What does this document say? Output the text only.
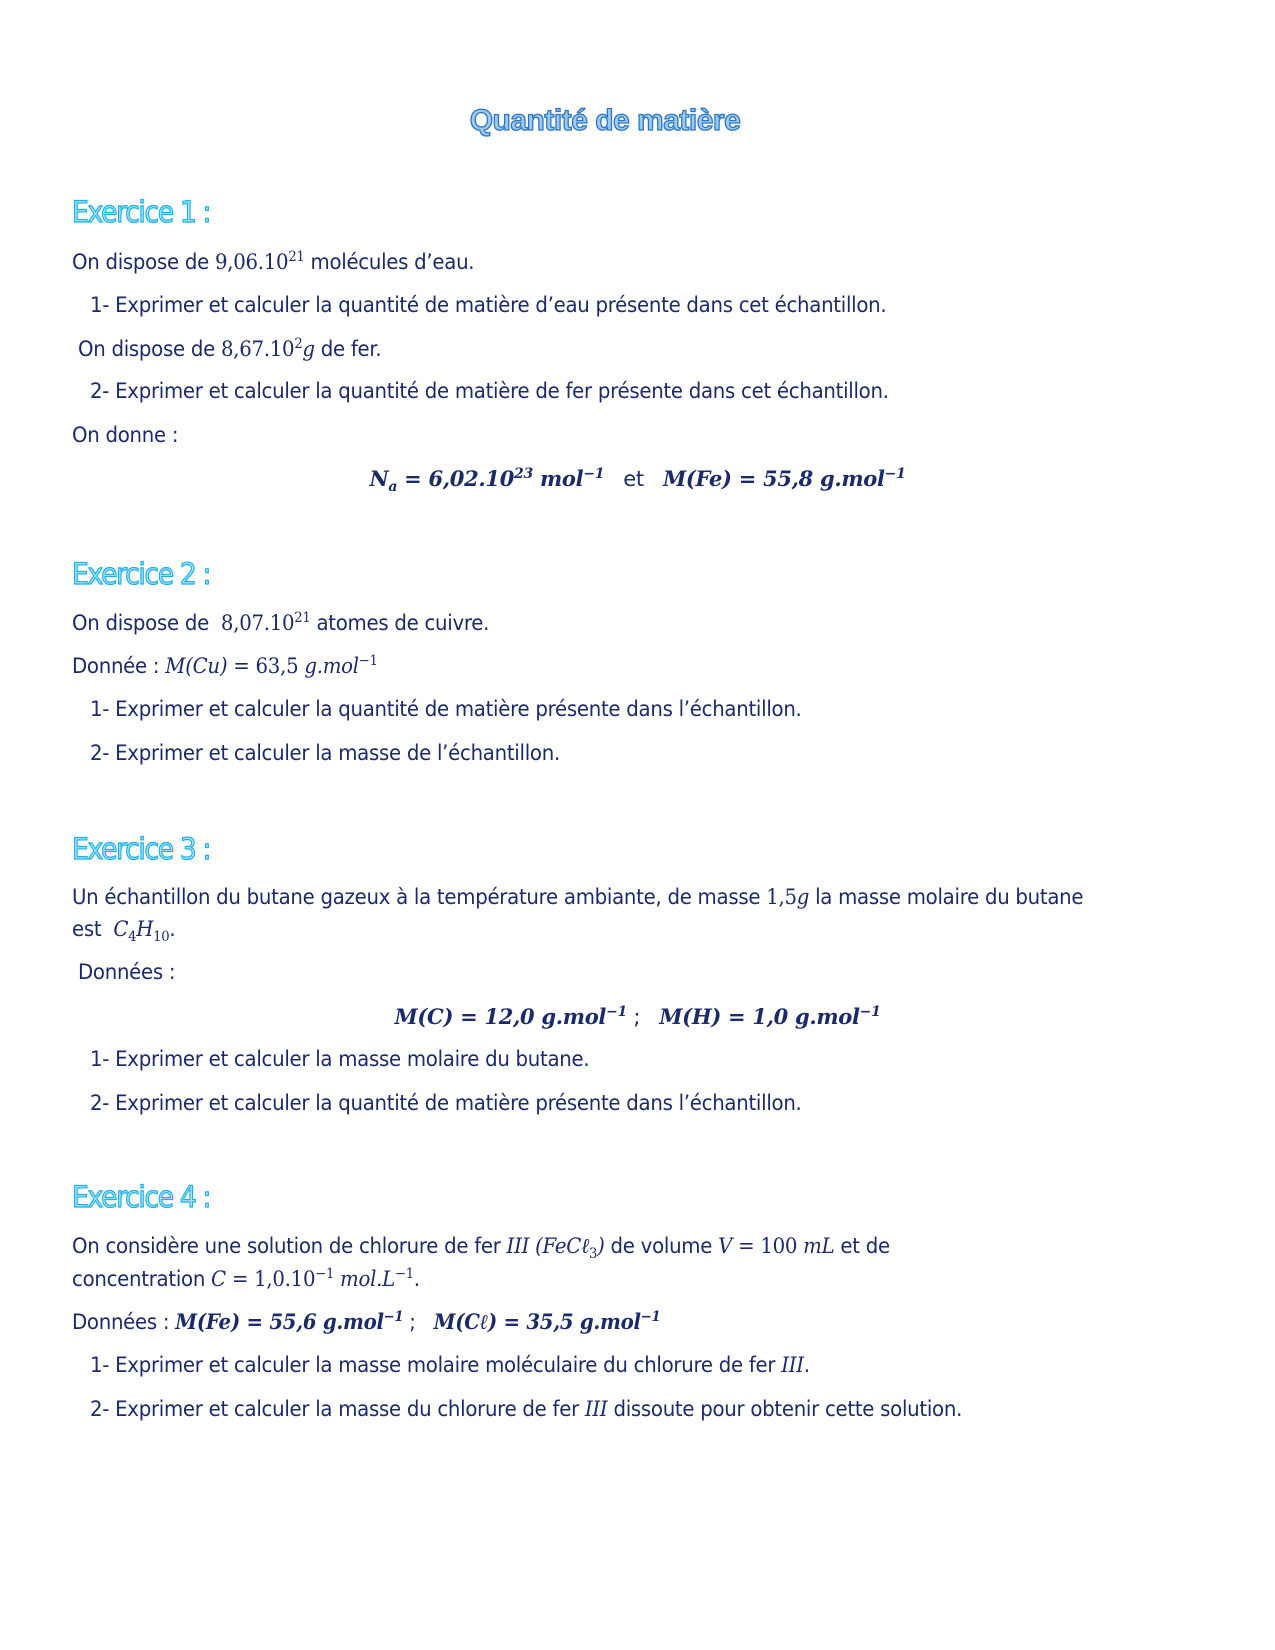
Quantité de matière
Exercice 1 :
On dispose de 9,06.10$^{21}$ molécules d’eau.
1- Exprimer et calculer la quantité de matière d’eau présente dans cet échantillon.
On dispose de 8,67.10$^2$g de fer.
2- Exprimer et calculer la quantité de matière de fer présente dans cet échantillon.
On donne :
$N_a = 6,02.10^{23}$ mol$^{-1}$   et   M(Fe) = 55,8 g.mol$^{-1}$
Exercice 2 :
On dispose de  8,07.10$^{21}$ atomes de cuivre.
Donnée : M(Cu) = 63,5 g.mol$^{-1}$
1- Exprimer et calculer la quantité de matière présente dans l’échantillon.
2- Exprimer et calculer la masse de l’échantillon.
Exercice 3 :
Un échantillon du butane gazeux à la température ambiante, de masse 1,5g la masse molaire du butane
est  $C_4H_{10}$.
Données :
M(C) = 12,0 g.mol$^{-1}$ ;   M(H) = 1,0 g.mol$^{-1}$
1- Exprimer et calculer la masse molaire du butane.
2- Exprimer et calculer la quantité de matière présente dans l’échantillon.
Exercice 4 :
On considère une solution de chlorure de fer III (FeCℓ$_3$) de volume V = 100 mL et de
concentration $C = 1,0.10^{-1}$ $mol.L^{-1}$.
Données : M(Fe) = 55,6 g.mol$^{-1}$ ;   M(Cℓ) = 35,5 g.mol$^{-1}$
1- Exprimer et calculer la masse molaire moléculaire du chlorure de fer III.
2- Exprimer et calculer la masse du chlorure de fer III dissoute pour obtenir cette solution.
